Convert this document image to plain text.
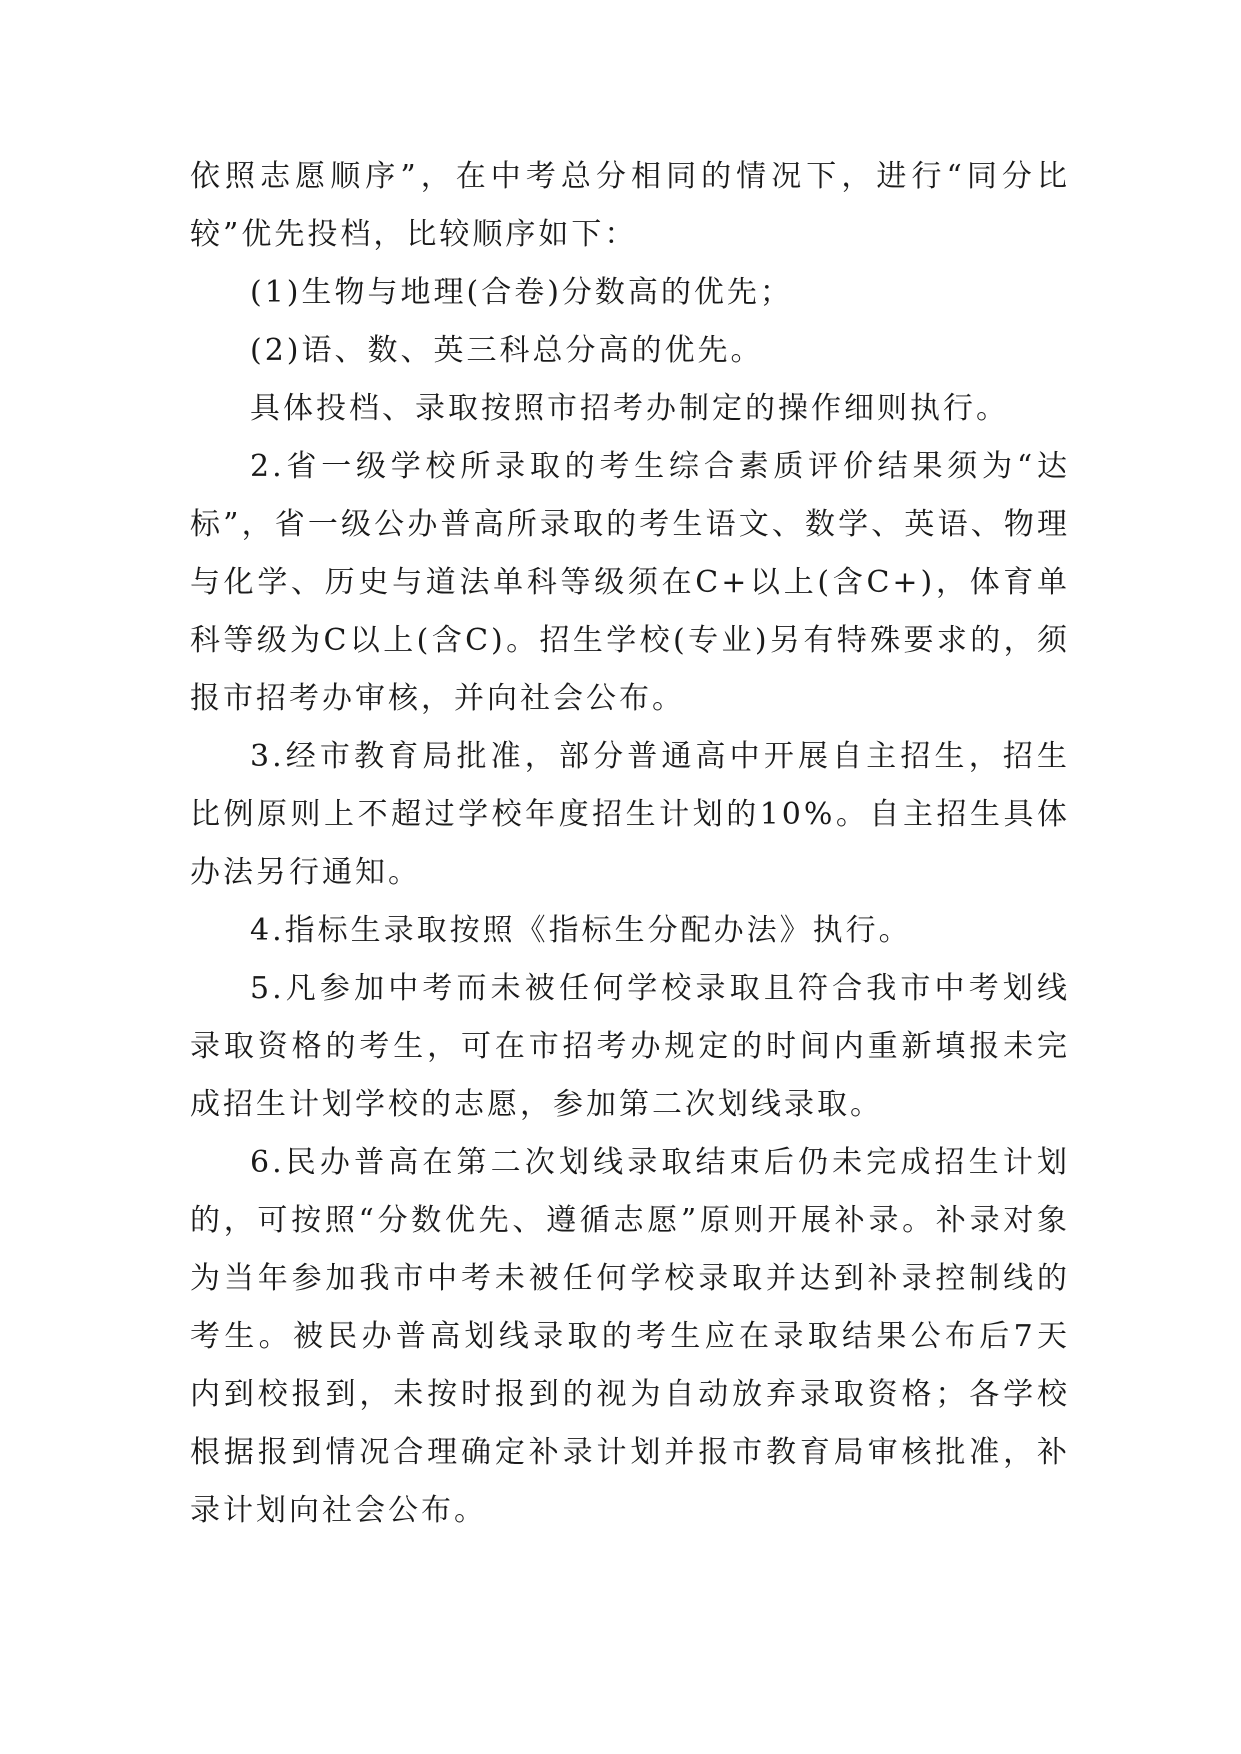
依照志愿顺序”，在中考总分相同的情况下，进行“同分比较”优先投档，比较顺序如下：

(1)生物与地理(合卷)分数高的优先；

(2)语、数、英三科总分高的优先。

具体投档、录取按照市招考办制定的操作细则执行。

2.省一级学校所录取的考生综合素质评价结果须为“达标”，省一级公办普高所录取的考生语文、数学、英语、物理与化学、历史与道法单科等级须在C+以上(含C+)，体育单科等级为C以上(含C)。招生学校(专业)另有特殊要求的，须报市招考办审核，并向社会公布。

3.经市教育局批准，部分普通高中开展自主招生，招生比例原则上不超过学校年度招生计划的10%。自主招生具体办法另行通知。

4.指标生录取按照《指标生分配办法》执行。

5.凡参加中考而未被任何学校录取且符合我市中考划线录取资格的考生，可在市招考办规定的时间内重新填报未完成招生计划学校的志愿，参加第二次划线录取。

6.民办普高在第二次划线录取结束后仍未完成招生计划的，可按照“分数优先、遵循志愿”原则开展补录。补录对象为当年参加我市中考未被任何学校录取并达到补录控制线的考生。被民办普高划线录取的考生应在录取结果公布后7天内到校报到，未按时报到的视为自动放弃录取资格；各学校根据报到情况合理确定补录计划并报市教育局审核批准，补录计划向社会公布。
